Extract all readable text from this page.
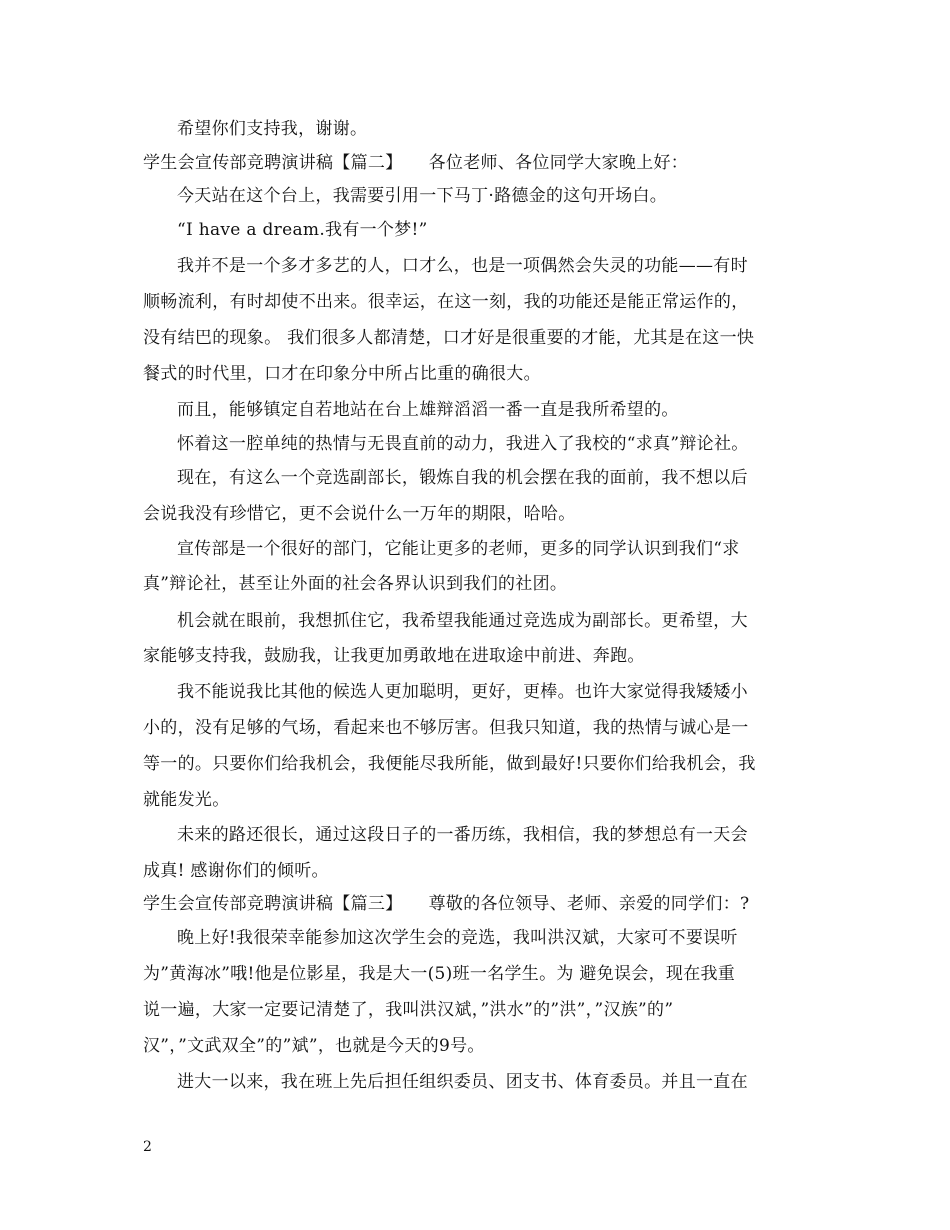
希望你们支持我，谢谢。
学生会宣传部竞聘演讲稿【篇二】　　各位老师、各位同学大家晚上好：
今天站在这个台上，我需要引用一下马丁·路德金的这句开场白。
“I have a dream.我有一个梦!”
我并不是一个多才多艺的人，口才么，也是一项偶然会失灵的功能——有时
顺畅流利，有时却使不出来。很幸运，在这一刻，我的功能还是能正常运作的，
没有结巴的现象。 我们很多人都清楚，口才好是很重要的才能，尤其是在这一快
餐式的时代里，口才在印象分中所占比重的确很大。
而且，能够镇定自若地站在台上雄辩滔滔一番一直是我所希望的。
怀着这一腔单纯的热情与无畏直前的动力，我进入了我校的“求真”辩论社。
现在，有这么一个竞选副部长，锻炼自我的机会摆在我的面前，我不想以后
会说我没有珍惜它，更不会说什么一万年的期限，哈哈。
宣传部是一个很好的部门，它能让更多的老师，更多的同学认识到我们“求
真”辩论社，甚至让外面的社会各界认识到我们的社团。
机会就在眼前，我想抓住它，我希望我能通过竞选成为副部长。更希望，大
家能够支持我，鼓励我，让我更加勇敢地在进取途中前进、奔跑。
我不能说我比其他的候选人更加聪明，更好，更棒。也许大家觉得我矮矮小
小的，没有足够的气场，看起来也不够厉害。但我只知道，我的热情与诚心是一
等一的。只要你们给我机会，我便能尽我所能，做到最好!只要你们给我机会，我
就能发光。
未来的路还很长，通过这段日子的一番历练，我相信，我的梦想总有一天会
成真! 感谢你们的倾听。
学生会宣传部竞聘演讲稿【篇三】　　尊敬的各位领导、老师、亲爱的同学们：?
晚上好!我很荣幸能参加这次学生会的竞选，我叫洪汉斌，大家可不要误听
为”黄海冰”哦!他是位影星，我是大一(5)班一名学生。为 避免误会，现在我重
说一遍，大家一定要记清楚了，我叫洪汉斌，”洪水”的”洪”，”汉族”的”
汉”，”文武双全”的”斌”，也就是今天的9号。
进大一以来，我在班上先后担任组织委员、团支书、体育委员。并且一直在
2
